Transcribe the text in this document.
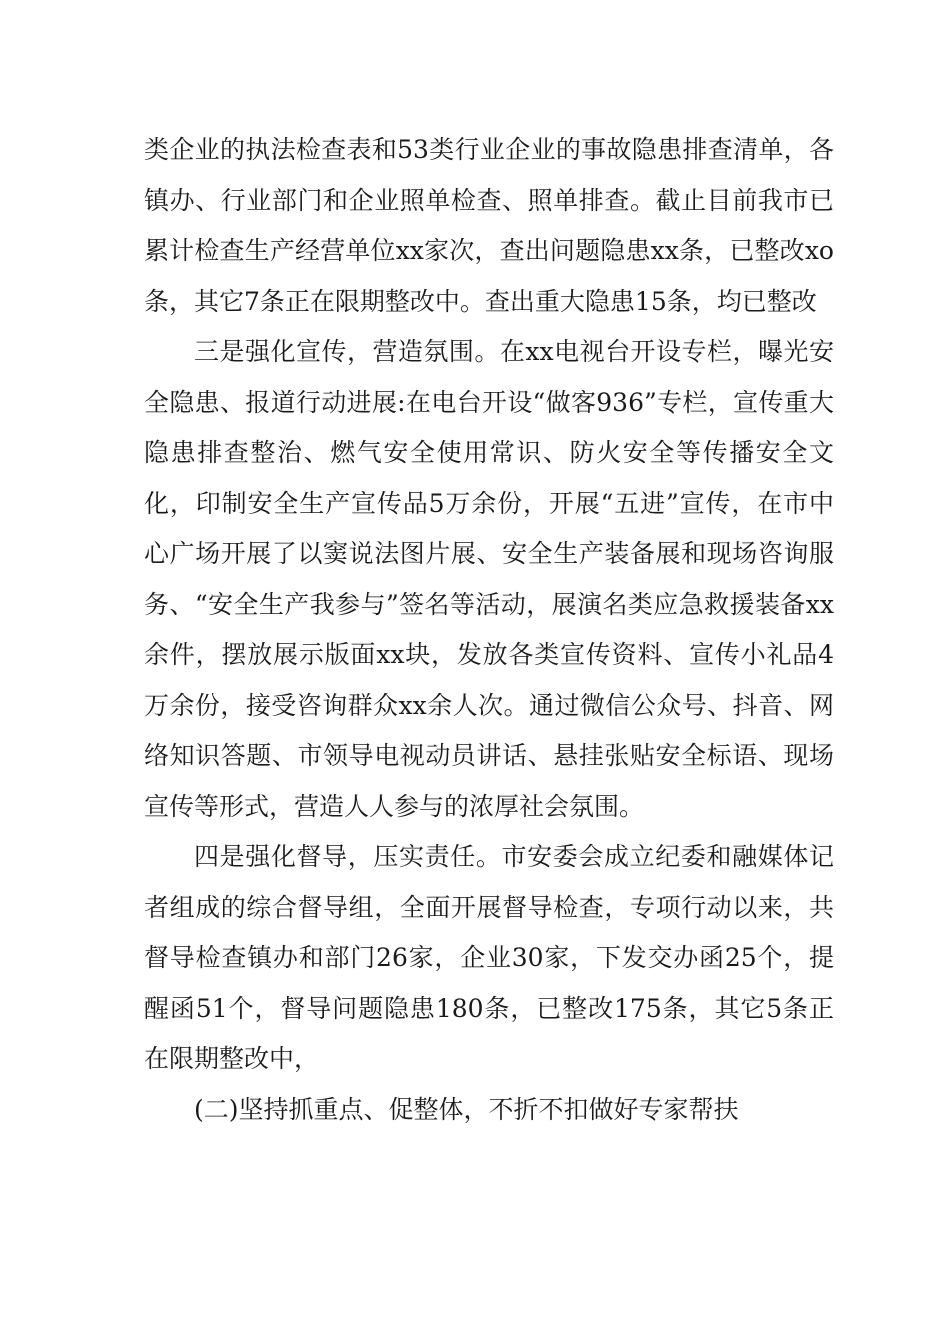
类企业的执法检查表和53类行业企业的事故隐患排查清单，各镇办、行业部门和企业照单检查、照单排查。截止目前我市已累计检查生产经营单位xx家次，查出问题隐患xx条，已整改xo条，其它7条正在限期整改中。查出重大隐患15条，均已整改

三是强化宣传，营造氛围。在xx电视台开设专栏，曝光安全隐患、报道行动进展:在电台开设“做客936”专栏，宣传重大隐患排查整治、燃气安全使用常识、防火安全等传播安全文化，印制安全生产宣传品5万余份，开展“五进”宣传，在市中心广场开展了以窦说法图片展、安全生产装备展和现场咨询服务、“安全生产我参与”签名等活动，展演名类应急救援装备xx余件，摆放展示版面xx块，发放各类宣传资料、宣传小礼品4万余份，接受咨询群众xx余人次。通过微信公众号、抖音、网络知识答题、市领导电视动员讲话、悬挂张贴安全标语、现场宣传等形式，营造人人参与的浓厚社会氛围。

四是强化督导，压实责任。市安委会成立纪委和融媒体记者组成的综合督导组，全面开展督导检查，专项行动以来，共督导检查镇办和部门26家，企业30家，下发交办函25个，提醒函51个，督导问题隐患180条，已整改175条，其它5条正在限期整改中，

(二)坚持抓重点、促整体，不折不扣做好专家帮扶
